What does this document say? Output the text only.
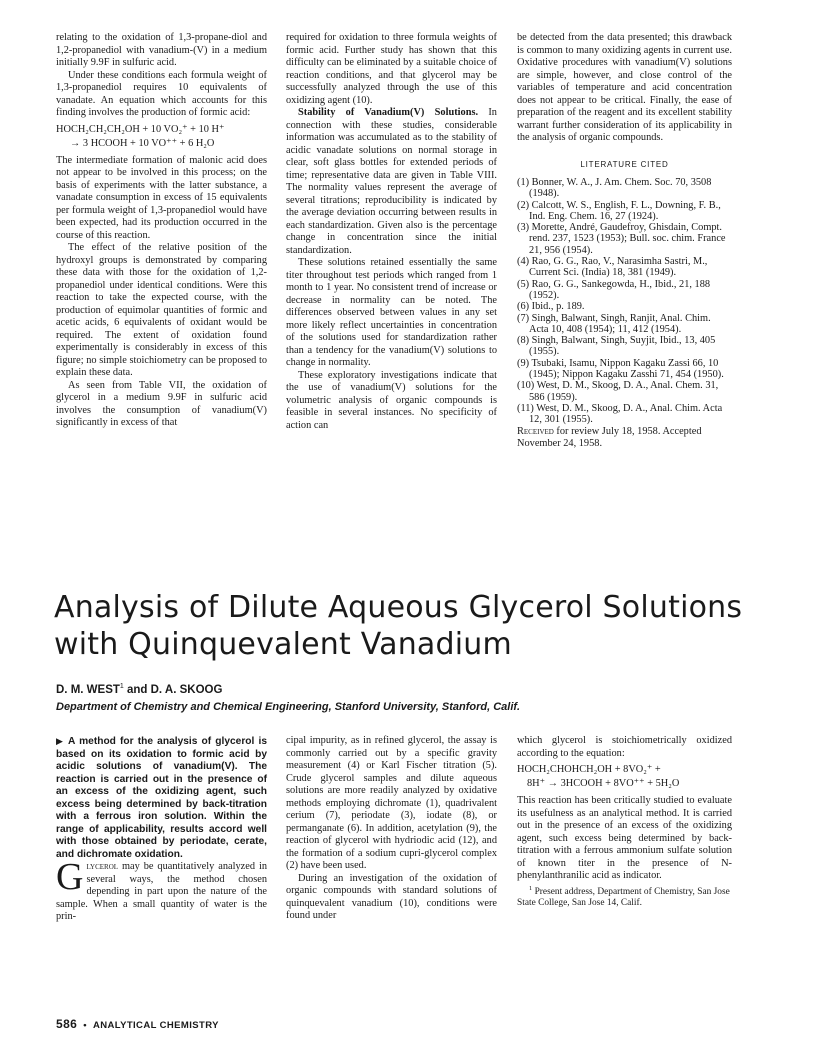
relating to the oxidation of 1,3-propane-diol and 1,2-propanediol with vanadium-(V) in a medium initially 9.9F in sulfuric acid.

Under these conditions each formula weight of 1,3-propanediol requires 10 equivalents of vanadate. An equation which accounts for this finding involves the production of formic acid:

HOCH₂CH₂CH₂OH + 10 VO₂⁺ + 10 H⁺
→ 3 HCOOH + 10 VO⁺⁺ + 6 H₂O

The intermediate formation of malonic acid does not appear to be involved in this process; on the basis of experiments with the latter substance, a vanadate consumption in excess of 15 equivalents per formula weight of 1,3-propanediol would have been expected, had its production occurred in the course of this reaction.

The effect of the relative position of the hydroxyl groups is demonstrated by comparing these data with those for the oxidation of 1,2-propanediol under identical conditions. Were this reaction to take the expected course, with the production of equimolar quantities of formic and acetic acids, 6 equivalents of oxidant would be required. The extent of oxidation found experimentally is considerably in excess of this figure; no simple stoichiometry can be proposed to explain these data.

As seen from Table VII, the oxidation of glycerol in a medium 9.9F in sulfuric acid involves the consumption of vanadium(V) significantly in excess of that

required for oxidation to three formula weights of formic acid. Further study has shown that this difficulty can be eliminated by a suitable choice of reaction conditions, and that glycerol may be successfully analyzed through the use of this oxidizing agent (10).

Stability of Vanadium(V) Solutions. In connection with these studies, considerable information was accumulated as to the stability of acidic vanadate solutions on normal storage in clear, soft glass bottles for extended periods of time; representative data are given in Table VIII. The normality values represent the average of several titrations; reproducibility is indicated by the average deviation occurring between results in each standardization. Given also is the percentage change in concentration since the initial standardization.

These solutions retained essentially the same titer throughout test periods which ranged from 1 month to 1 year. No consistent trend of increase or decrease in normality can be noted. The differences observed between values in any set more likely reflect uncertainties in concentration of the solutions used for standardization rather than a tendency for the vanadium(V) solutions to change in normality.

These exploratory investigations indicate that the use of vanadium(V) solutions for the volumetric analysis of organic compounds is feasible in several instances. No specificity of action can

be detected from the data presented; this drawback is common to many oxidizing agents in current use. Oxidative procedures with vanadium(V) solutions are simple, however, and close control of the variables of temperature and acid concentration does not appear to be critical. Finally, the ease of preparation of the reagent and its excellent stability warrant further consideration of its applicability in the analysis of organic compounds.

LITERATURE CITED
(1) Bonner, W. A., J. Am. Chem. Soc. 70, 3508 (1948).
(2) Calcott, W. S., English, F. L., Downing, F. B., Ind. Eng. Chem. 16, 27 (1924).
(3) Morette, André, Gaudefroy, Ghisdain, Compt. rend. 237, 1523 (1953); Bull. soc. chim. France 21, 956 (1954).
(4) Rao, G. G., Rao, V., Narasimha Sastri, M., Current Sci. (India) 18, 381 (1949).
(5) Rao, G. G., Sankegowda, H., Ibid., 21, 188 (1952).
(6) Ibid., p. 189.
(7) Singh, Balwant, Singh, Ranjit, Anal. Chim. Acta 10, 408 (1954); 11, 412 (1954).
(8) Singh, Balwant, Singh, Suyjit, Ibid., 13, 405 (1955).
(9) Tsubaki, Isamu, Nippon Kagaku Zassi 66, 10 (1945); Nippon Kagaku Zasshi 71, 454 (1950).
(10) West, D. M., Skoog, D. A., Anal. Chem. 31, 586 (1959).
(11) West, D. M., Skoog, D. A., Anal. Chim. Acta 12, 301 (1955).

Received for review July 18, 1958. Accepted November 24, 1958.

Analysis of Dilute Aqueous Glycerol Solutions with Quinquevalent Vanadium
D. M. WEST$^1$ and D. A. SKOOG
Department of Chemistry and Chemical Engineering, Stanford University, Stanford, Calif.

▶ A method for the analysis of glycerol is based on its oxidation to formic acid by acidic solutions of vanadium(V). The reaction is carried out in the presence of an excess of the oxidizing agent, such excess being determined by back-titration with a ferrous iron solution. Within the range of applicability, results accord well with those obtained by periodate, cerate, and dichromate oxidation.

Glycerol may be quantitatively analyzed in several ways, the method chosen depending in part upon the nature of the sample. When a small quantity of water is the prin-

cipal impurity, as in refined glycerol, the assay is commonly carried out by a specific gravity measurement (4) or Karl Fischer titration (5). Crude glycerol samples and dilute aqueous solutions are more readily analyzed by oxidative methods employing dichromate (1), quadrivalent cerium (7), periodate (3), iodate (8), or permanganate (6). In addition, acetylation (9), the reaction of glycerol with hydriodic acid (12), and the formation of a sodium cupri-glycerol complex (2) have been used.

During an investigation of the oxidation of organic compounds with standard solutions of quinquevalent vanadium (10), conditions were found under

which glycerol is stoichiometrically oxidized according to the equation:

HOCH₂CHOHCH₂OH + 8VO₂⁺ +
8H⁺ → 3HCOOH + 8VO⁺⁺ + 5H₂O

This reaction has been critically studied to evaluate its usefulness as an analytical method. It is carried out in the presence of an excess of the oxidizing agent, such excess being determined by back-titration with a ferrous ammonium sulfate solution of known titer in the presence of N-phenylanthranilic acid as indicator.

$^1$ Present address, Department of Chemistry, San Jose State College, San Jose 14, Calif.

586 • ANALYTICAL CHEMISTRY
